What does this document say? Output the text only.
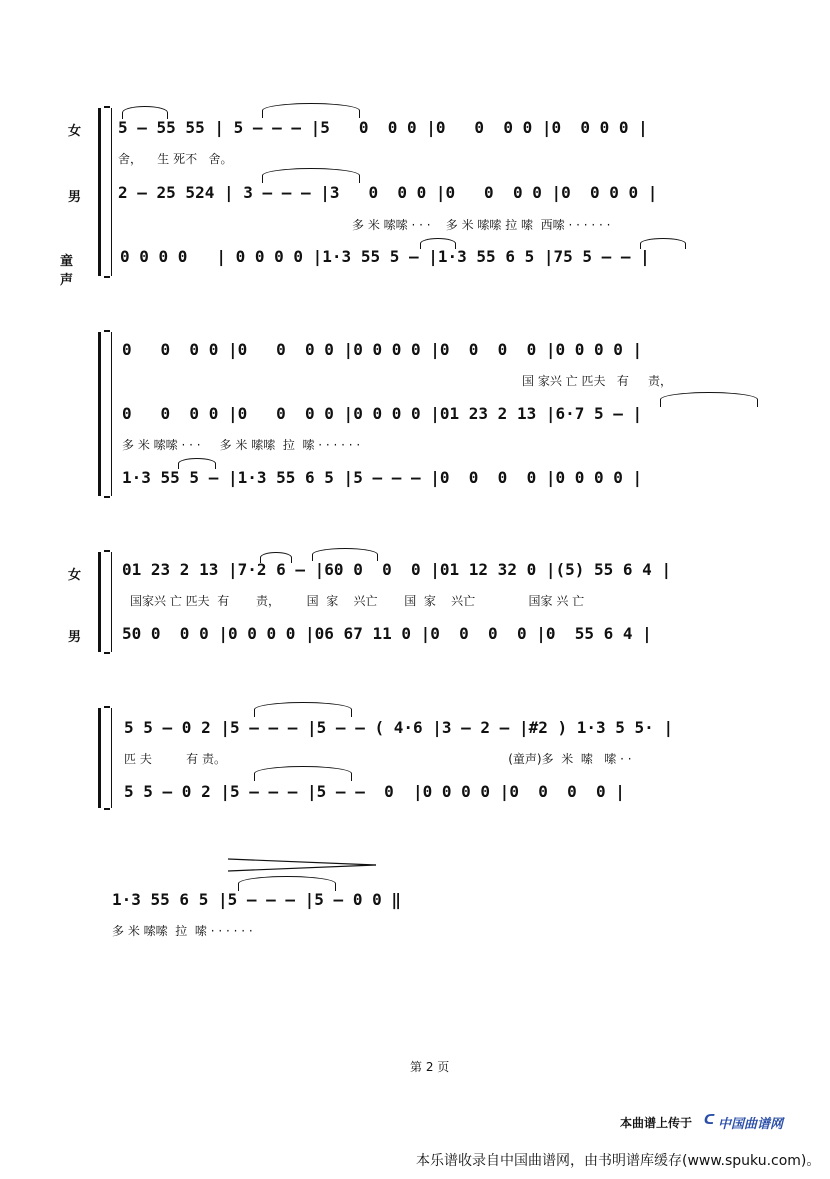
女 5 – 55 55 | 5 – – – |5   0  0 0 |0   0  0 0 |0  0 0 0 |
舍，    生 死不   舍。
男 2 – 25 524 | 3 – – – |3   0  0 0 |0   0  0 0 |0  0 0 0 |
多 米 嗦嗦 · · ·    多 米 嗦嗦 拉 嗦  西嗦 · · · · · ·
童声
0 0 0 0   | 0 0 0 0 |1·3 55 5 – |1·3 55 6 5 |75 5 – – |
0   0  0 0 |0   0  0 0 |0 0 0 0 |0  0  0  0 |0 0 0 0 |
国 家兴 亡 匹夫   有     责，
0   0  0 0 |0   0  0 0 |0 0 0 0 |01 23 2 13 |6·7 5 – |
多 米 嗦嗦 · · ·     多 米 嗦嗦  拉  嗦 · · · · · ·
1·3 55 5 – |1·3 55 6 5 |5 – – – |0  0  0  0 |0 0 0 0 |
女	01 23 2 13 |7·2 6 – |60 0  0  0 |01 12 32 0 |(5) 55 6 4 |
国家兴 亡 匹夫  有       责，       国  家    兴亡       国  家    兴亡              国家 兴 亡
男	50 0  0 0 |0 0 0 0 |06 67 11 0 |0  0  0  0 |0  55 6 4 |
5 5 – 0 2 |5 – – – |5 – – ( 4·6 |3 – 2 – |#2 ) 1·3 5 5· |
匹 夫         有 责。                                                                          (童声)多  米  嗦   嗦 · ·
5 5 – 0 2 |5 – – – |5 – –  0  |0 0 0 0 |0  0  0  0 |
1·3 55 6 5 |5 – – – |5 – 0 0 ‖
多 米 嗦嗦  拉  嗦 · · · · · ·
第 2 页
本曲谱上传于 ᑕ 中国曲谱网
本乐谱收录自中国曲谱网，由书明谱库缓存(www.spuku.com)。
